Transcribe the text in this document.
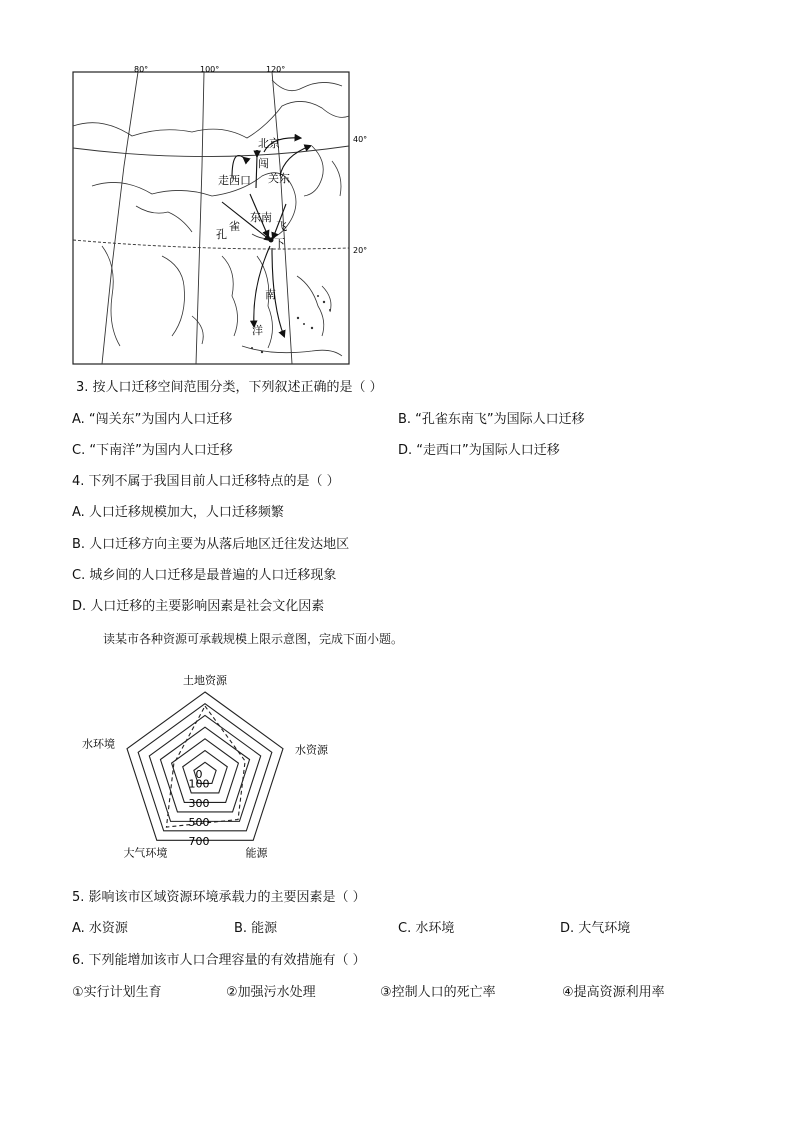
80°	100°	120°
40°
20°
北京
闯
关东
走西口
孔
雀
东南
飞
下
南
洋
3. 按人口迁移空间范围分类，下列叙述正确的是（ ）
A. “闯关东”为国内人口迁移	B. “孔雀东南飞”为国际人口迁移
C. “下南洋”为国内人口迁移	D. “走西口”为国际人口迁移
4. 下列不属于我国目前人口迁移特点的是（ ）
A. 人口迁移规模加大，人口迁移频繁
B. 人口迁移方向主要为从落后地区迁往发达地区
C. 城乡间的人口迁移是最普遍的人口迁移现象
D. 人口迁移的主要影响因素是社会文化因素
读某市各种资源可承载规模上限示意图，完成下面小题。
0
100
300
500
700
土地资源
水资源
能源
大气环境
水环境
5. 影响该市区域资源环境承载力的主要因素是（ ）
A. 水资源	B. 能源	C. 水环境	D. 大气环境
6. 下列能增加该市人口合理容量的有效措施有（ ）
①实行计划生育	②加强污水处理	③控制人口的死亡率	④提高资源利用率
